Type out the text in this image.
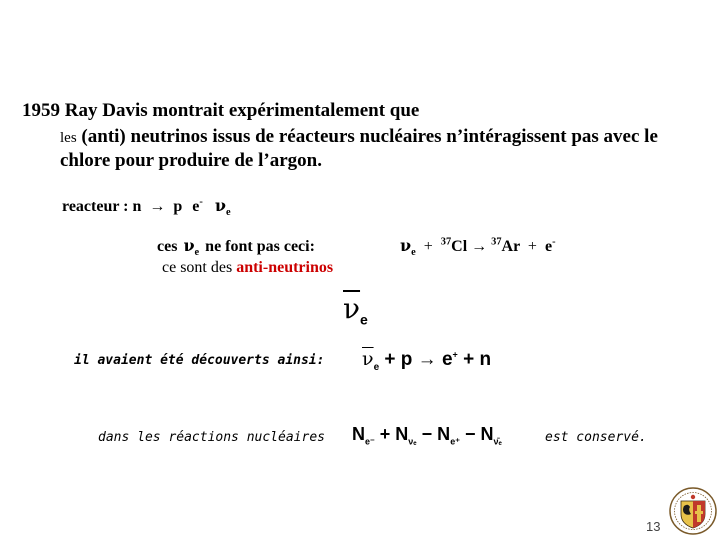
1959 Ray Davis montrait expérimentalement que
les (anti) neutrinos issus de réacteurs nucléaires n’intéragissent pas avec le
chlore pour produire de l’argon.
reacteur : n → p e- $\nu_e$
ces $\nu_e$ ne font pas ceci:
ce sont des anti-neutrinos
$\nu_e + ^{37}Cl \to ^{37}Ar + e^-$
$\overline{\nu}_e$
il avaient été découverts ainsi: $\overline{\nu}_e + p \to e^+ + n$
dans les réactions nucléaires $N_{e^-} + N_{\nu_e} - N_{e^+} - N_{\nū_e}$	est conservé.
13
